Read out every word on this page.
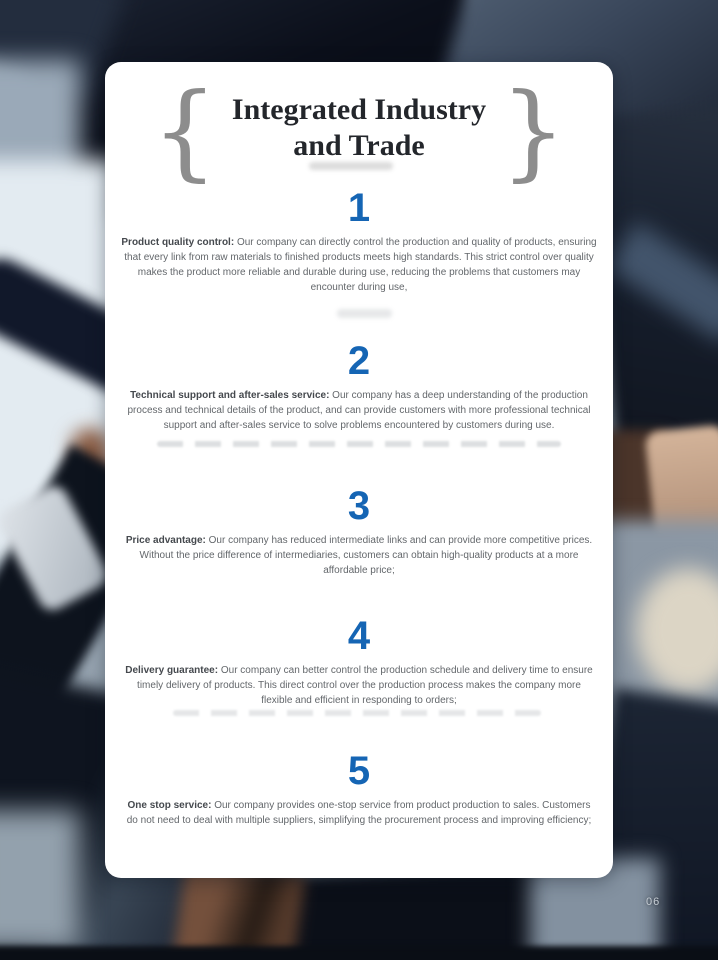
{ Integrated Industry
and Trade }
1

Product quality control: Our company can directly control the production and quality of products, ensuring that every link from raw materials to finished products meets high standards. This strict control over quality makes the product more reliable and durable during use, reducing the problems that customers may encounter during use,

2

Technical support and after-sales service: Our company has a deep understanding of the production process and technical details of the product, and can provide customers with more professional technical support and after-sales service to solve problems encountered by customers during use.

3

Price advantage: Our company has reduced intermediate links and can provide more competitive prices. Without the price difference of intermediaries, customers can obtain high-quality products at a more affordable price;

4

Delivery guarantee: Our company can better control the production schedule and delivery time to ensure timely delivery of products. This direct control over the production process makes the company more flexible and efficient in responding to orders;

5

One stop service: Our company provides one-stop service from product production to sales. Customers do not need to deal with multiple suppliers, simplifying the procurement process and improving efficiency;

06
